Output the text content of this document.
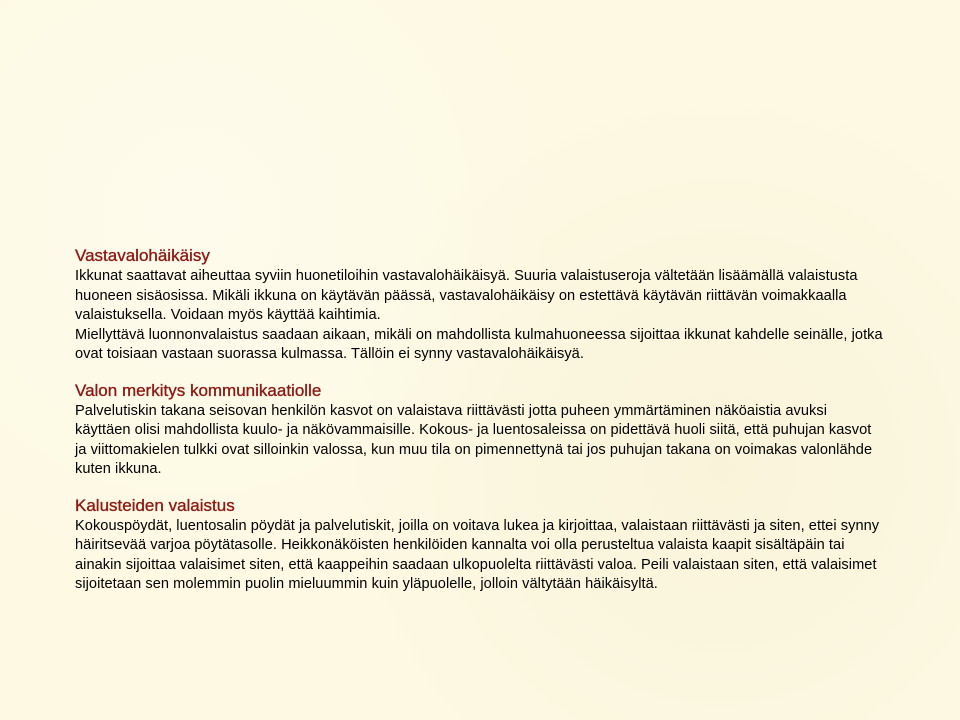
Vastavalohäikäisy

Ikkunat saattavat aiheuttaa syviin huonetiloihin vastavalohäikäisyä. Suuria valaistuseroja vältetään lisäämällä valaistusta huoneen sisäosissa. Mikäli ikkuna on käytävän päässä, vastavalohäikäisy on estettävä käytävän riittävän voimakkaalla valaistuksella. Voidaan myös käyttää kaihtimia.

Miellyttävä luonnonvalaistus saadaan aikaan, mikäli on mahdollista kulmahuoneessa sijoittaa ikkunat kahdelle seinälle, jotka ovat toisiaan vastaan suorassa kulmassa. Tällöin ei synny vastavalohäikäisyä.

Valon merkitys kommunikaatiolle

Palvelutiskin takana seisovan henkilön kasvot on valaistava riittävästi jotta puheen ymmärtäminen näköaistia avuksi käyttäen olisi mahdollista kuulo- ja näkövammaisille. Kokous- ja luentosaleissa on pidettävä huoli siitä, että puhujan kasvot ja viittomakielen tulkki ovat silloinkin valossa, kun muu tila on pimennettynä tai jos puhujan takana on voimakas valonlähde kuten ikkuna.

Kalusteiden valaistus

Kokouspöydät, luentosalin pöydät ja palvelutiskit, joilla on voitava lukea ja kirjoittaa, valaistaan riittävästi ja siten, ettei synny häiritsevää varjoa pöytätasolle. Heikkonäköisten henkilöiden kannalta voi olla perusteltua valaista kaapit sisältäpäin tai ainakin sijoittaa valaisimet siten, että kaappeihin saadaan ulkopuolelta riittävästi valoa. Peili valaistaan siten, että valaisimet sijoitetaan sen molemmin puolin mieluummin kuin yläpuolelle, jolloin vältytään häikäisyltä.
